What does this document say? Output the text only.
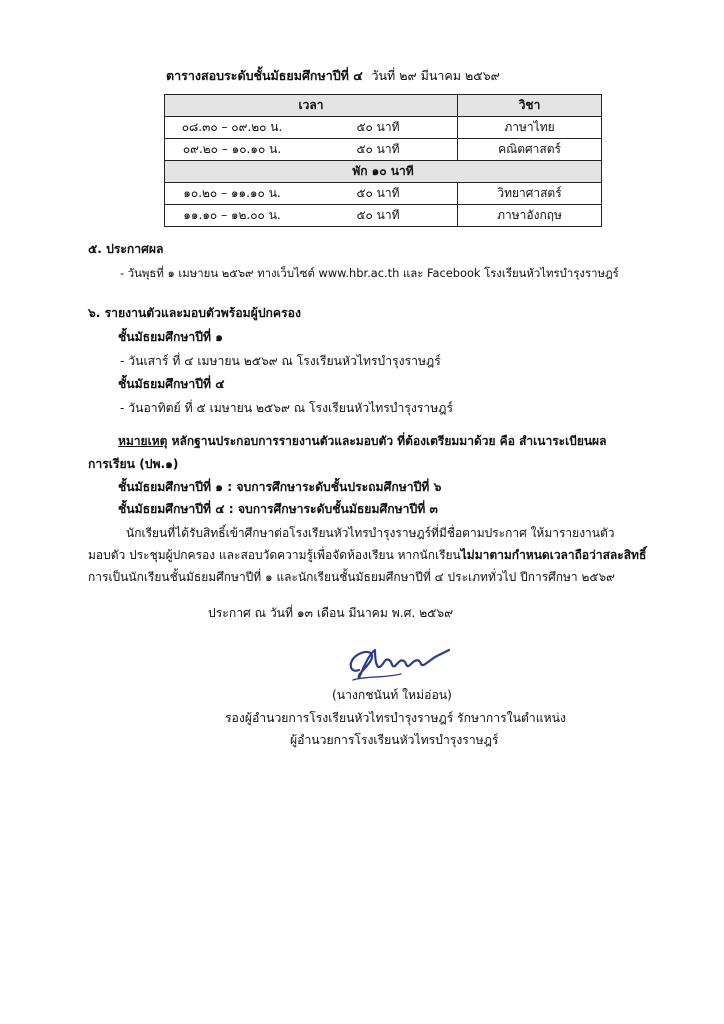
ตารางสอบระดับชั้นมัธยมศึกษาปีที่ ๔ วันที่ ๒๙ มีนาคม ๒๕๖๙
เวลา		วิชา
๐๘.๓๐ – ๐๙.๒๐ น.	๕๐ นาที	ภาษาไทย
๐๙.๒๐ – ๑๐.๑๐ น.	๕๐ นาที	คณิตศาสตร์
พัก ๑๐ นาที		
๑๐.๒๐ – ๑๑.๑๐ น.	๕๐ นาที	วิทยาศาสตร์
๑๑.๑๐ – ๑๒.๐๐ น.	๕๐ นาที	ภาษาอังกฤษ
๕. ประกาศผล
- วันพุธที่ ๑ เมษายน ๒๕๖๙ ทางเว็บไซต์ www.hbr.ac.th และ Facebook โรงเรียนหัวไทรบำรุงราษฎร์
๖. รายงานตัวและมอบตัวพร้อมผู้ปกครอง
ชั้นมัธยมศึกษาปีที่ ๑
- วันเสาร์ ที่ ๔ เมษายน ๒๕๖๙ ณ โรงเรียนหัวไทรบำรุงราษฎร์
ชั้นมัธยมศึกษาปีที่ ๔
- วันอาทิตย์ ที่ ๕ เมษายน ๒๕๖๙ ณ โรงเรียนหัวไทรบำรุงราษฎร์
หมายเหตุ หลักฐานประกอบการรายงานตัวและมอบตัว ที่ต้องเตรียมมาด้วย คือ สำเนาระเบียนผล
การเรียน (ปพ.๑)
ชั้นมัธยมศึกษาปีที่ ๑ : จบการศึกษาระดับชั้นประถมศึกษาปีที่ ๖
ชั้นมัธยมศึกษาปีที่ ๔ : จบการศึกษาระดับชั้นมัธยมศึกษาปีที่ ๓
นักเรียนที่ได้รับสิทธิ์เข้าศึกษาต่อโรงเรียนหัวไทรบำรุงราษฎร์ที่มีชื่อตามประกาศ ให้มารายงานตัว มอบตัว ประชุมผู้ปกครอง และสอบวัดความรู้เพื่อจัดห้องเรียน หากนักเรียนไม่มาตามกำหนดเวลาถือว่าสละสิทธิ์การเป็นนักเรียนชั้นมัธยมศึกษาปีที่ ๑ และนักเรียนชั้นมัธยมศึกษาปีที่ ๔ ประเภททั่วไป ปีการศึกษา ๒๕๖๙
ประกาศ ณ วันที่ ๑๓ เดือน มีนาคม พ.ศ. ๒๕๖๙
(นางกชนันท์ ใหม่อ่อน)
รองผู้อำนวยการโรงเรียนหัวไทรบำรุงราษฎร์ รักษาการในตำแหน่ง
ผู้อำนวยการโรงเรียนหัวไทรบำรุงราษฎร์
